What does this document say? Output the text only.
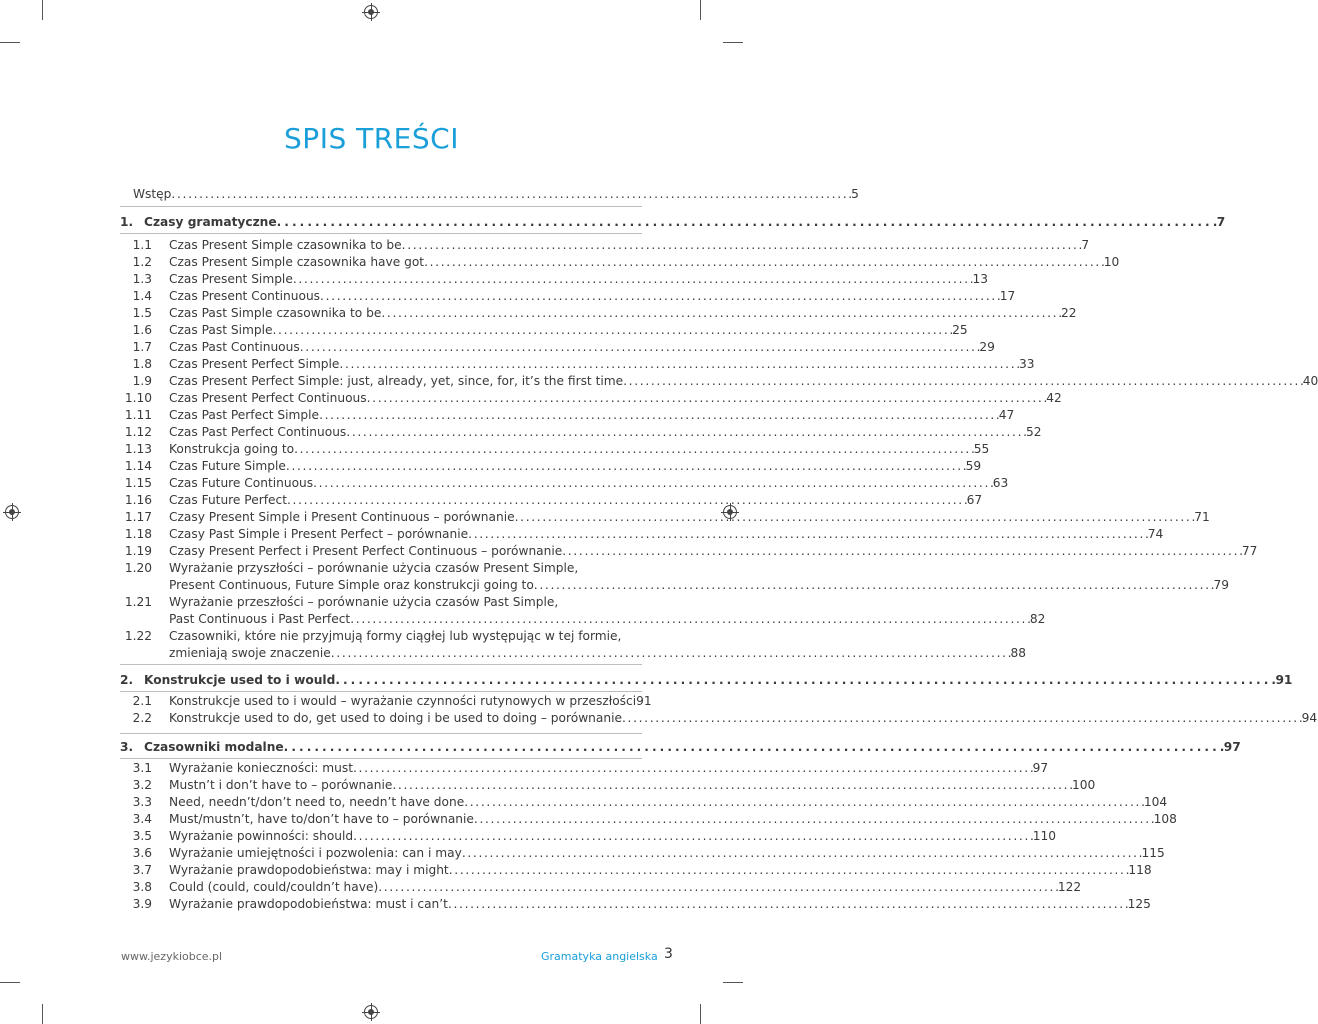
SPIS TREŚCI
Wstęp . . .	5
1. Czasy gramatyczne . . .	7
1.1 Czas Present Simple czasownika to be . . .	7
1.2 Czas Present Simple czasownika have got . . .	10
1.3 Czas Present Simple . . .	13
1.4 Czas Present Continuous . . .	17
1.5 Czas Past Simple czasownika to be . . .	22
1.6 Czas Past Simple . . .	25
1.7 Czas Past Continuous . . .	29
1.8 Czas Present Perfect Simple . . .	33
1.9 Czas Present Perfect Simple: just, already, yet, since, for, it’s the first time . . .	40
1.10 Czas Present Perfect Continuous . . .	42
1.11 Czas Past Perfect Simple . . .	47
1.12 Czas Past Perfect Continuous . . .	52
1.13 Konstrukcja going to . . .	55
1.14 Czas Future Simple . . .	59
1.15 Czas Future Continuous . . .	63
1.16 Czas Future Perfect . . .	67
1.17 Czasy Present Simple i Present Continuous – porównanie . . .	71
1.18 Czasy Past Simple i Present Perfect – porównanie . . .	74
1.19 Czasy Present Perfect i Present Perfect Continuous – porównanie . . .	77
1.20 Wyrażanie przyszłości – porównanie użycia czasów Present Simple,
Present Continuous, Future Simple oraz konstrukcji going to . . .	79
1.21 Wyrażanie przeszłości – porównanie użycia czasów Past Simple,
Past Continuous i Past Perfect . . .	82
1.22 Czasowniki, które nie przyjmują formy ciągłej lub występując w tej formie,
zmieniają swoje znaczenie . . .	88
2. Konstrukcje used to i would . . .	91
2.1 Konstrukcje used to i would – wyrażanie czynności rutynowych w przeszłości 91
2.2 Konstrukcje used to do, get used to doing i be used to doing – porównanie . . .	94
3. Czasowniki modalne . . .	97
3.1 Wyrażanie konieczności: must . . .	97
3.2 Mustn’t i don’t have to – porównanie . . .	100
3.3 Need, needn’t/don’t need to, needn’t have done . . .	104
3.4 Must/mustn’t, have to/don’t have to – porównanie . . .	108
3.5 Wyrażanie powinności: should . . .	110
3.6 Wyrażanie umiejętności i pozwolenia: can i may . . .	115
3.7 Wyrażanie prawdopodobieństwa: may i might . . .	118
3.8 Could (could, could/couldn’t have) . . .	122
3.9 Wyrażanie prawdopodobieństwa: must i can’t . . .	125
www.jezykiobce.pl	Gramatyka angielska 3
